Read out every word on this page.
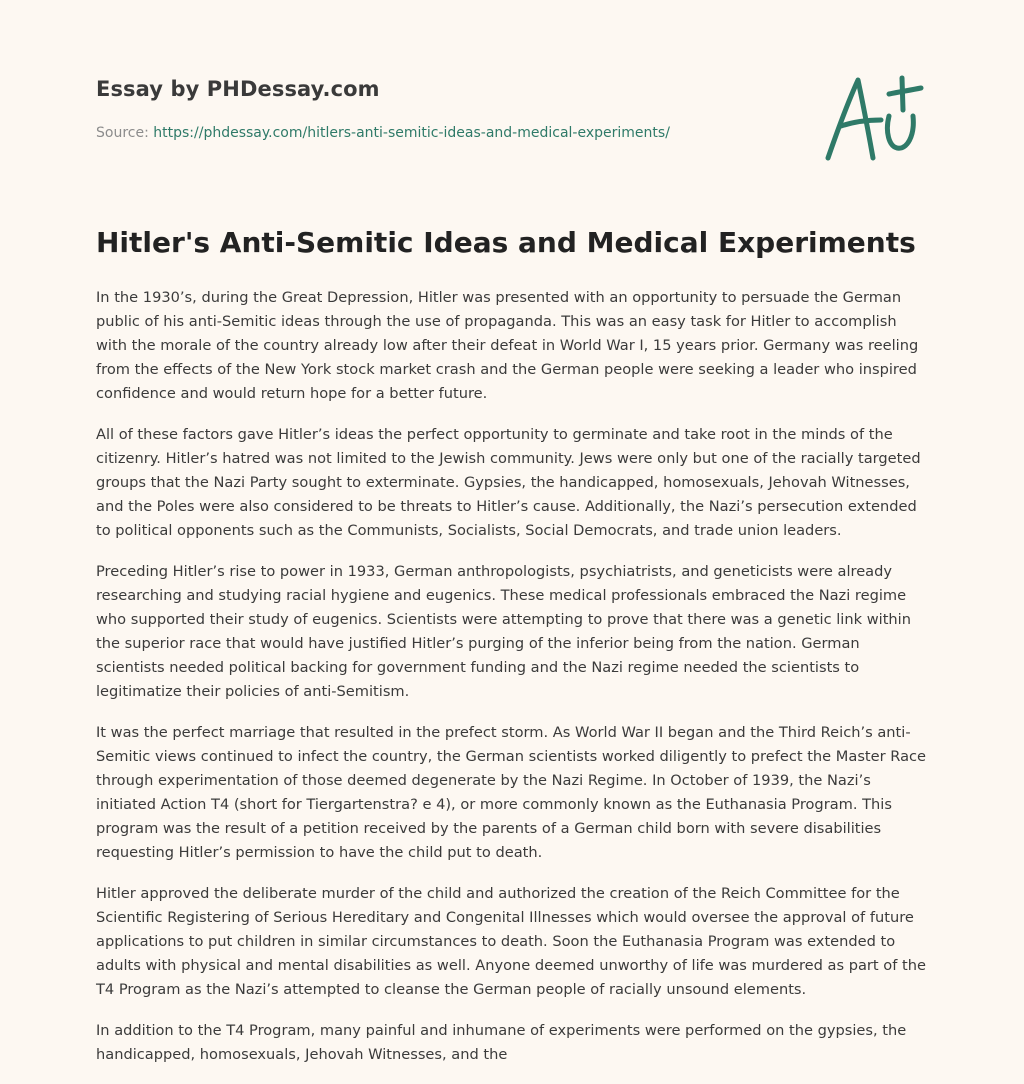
Essay by PHDessay.com
Source: https://phdessay.com/hitlers-anti-semitic-ideas-and-medical-experiments/
Hitler's Anti-Semitic Ideas and Medical Experiments

In the 1930’s, during the Great Depression, Hitler was presented with an opportunity to persuade the German public of his anti-Semitic ideas through the use of propaganda. This was an easy task for Hitler to accomplish with the morale of the country already low after their defeat in World War I, 15 years prior. Germany was reeling from the effects of the New York stock market crash and the German people were seeking a leader who inspired confidence and would return hope for a better future.

All of these factors gave Hitler’s ideas the perfect opportunity to germinate and take root in the minds of the citizenry. Hitler’s hatred was not limited to the Jewish community. Jews were only but one of the racially targeted groups that the Nazi Party sought to exterminate. Gypsies, the handicapped, homosexuals, Jehovah Witnesses, and the Poles were also considered to be threats to Hitler’s cause. Additionally, the Nazi’s persecution extended to political opponents such as the Communists, Socialists, Social Democrats, and trade union leaders.

Preceding Hitler’s rise to power in 1933, German anthropologists, psychiatrists, and geneticists were already researching and studying racial hygiene and eugenics. These medical professionals embraced the Nazi regime who supported their study of eugenics. Scientists were attempting to prove that there was a genetic link within the superior race that would have justified Hitler’s purging of the inferior being from the nation. German scientists needed political backing for government funding and the Nazi regime needed the scientists to legitimatize their policies of anti-Semitism.

It was the perfect marriage that resulted in the prefect storm. As World War II began and the Third Reich’s anti-Semitic views continued to infect the country, the German scientists worked diligently to prefect the Master Race through experimentation of those deemed degenerate by the Nazi Regime. In October of 1939, the Nazi’s initiated Action T4 (short for Tiergartenstra? e 4), or more commonly known as the Euthanasia Program. This program was the result of a petition received by the parents of a German child born with severe disabilities requesting Hitler’s permission to have the child put to death.

Hitler approved the deliberate murder of the child and authorized the creation of the Reich Committee for the Scientific Registering of Serious Hereditary and Congenital Illnesses which would oversee the approval of future applications to put children in similar circumstances to death. Soon the Euthanasia Program was extended to adults with physical and mental disabilities as well. Anyone deemed unworthy of life was murdered as part of the T4 Program as the Nazi’s attempted to cleanse the German people of racially unsound elements.

In addition to the T4 Program, many painful and inhumane of experiments were performed on the gypsies, the handicapped, homosexuals, Jehovah Witnesses, and the
